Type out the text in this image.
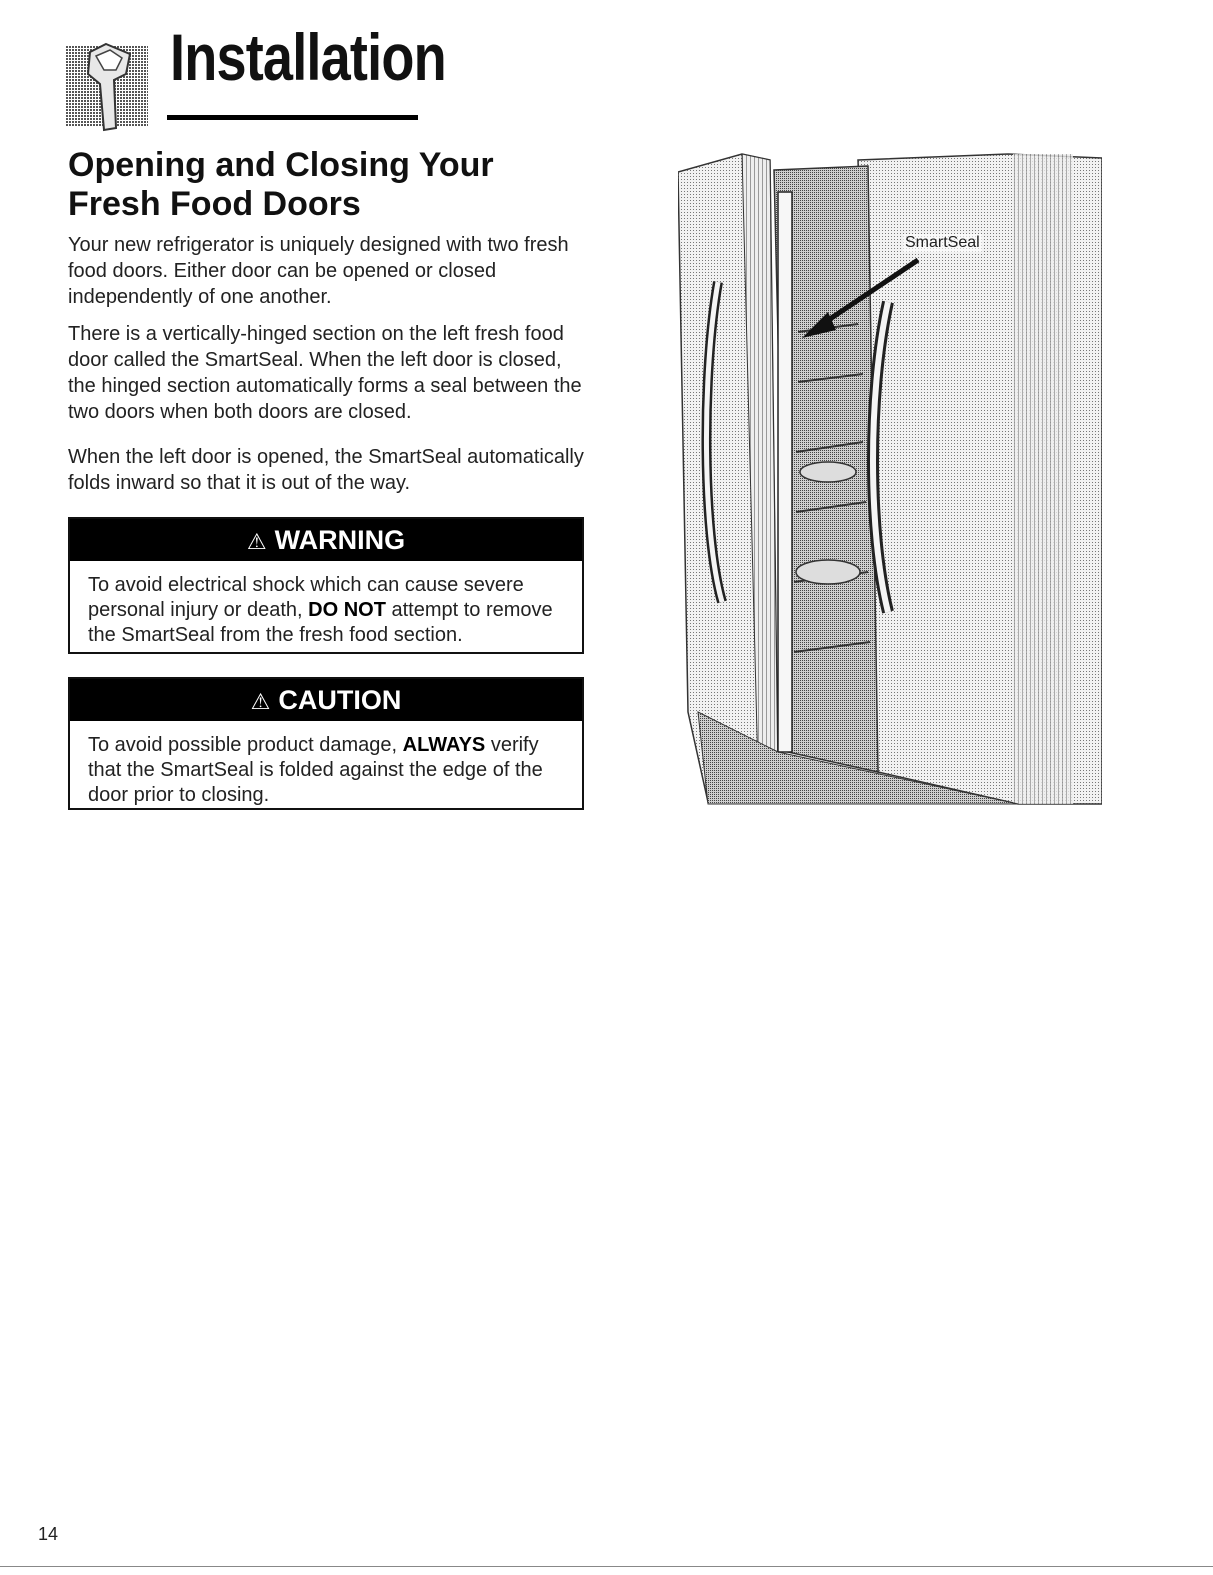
Installation
Opening and Closing Your Fresh Food Doors

Your new refrigerator is uniquely designed with two fresh food doors. Either door can be opened or closed independently of one another.

There is a vertically-hinged section on the left fresh food door called the SmartSeal. When the left door is closed, the hinged section automatically forms a seal between the two doors when both doors are closed.

When the left door is opened, the SmartSeal automatically folds inward so that it is out of the way.

⚠ WARNING
To avoid electrical shock which can cause severe personal injury or death, DO NOT attempt to remove the SmartSeal from the fresh food section.
⚠ CAUTION
To avoid possible product damage, ALWAYS verify that the SmartSeal is folded against the edge of the door prior to closing.
SmartSeal
14
